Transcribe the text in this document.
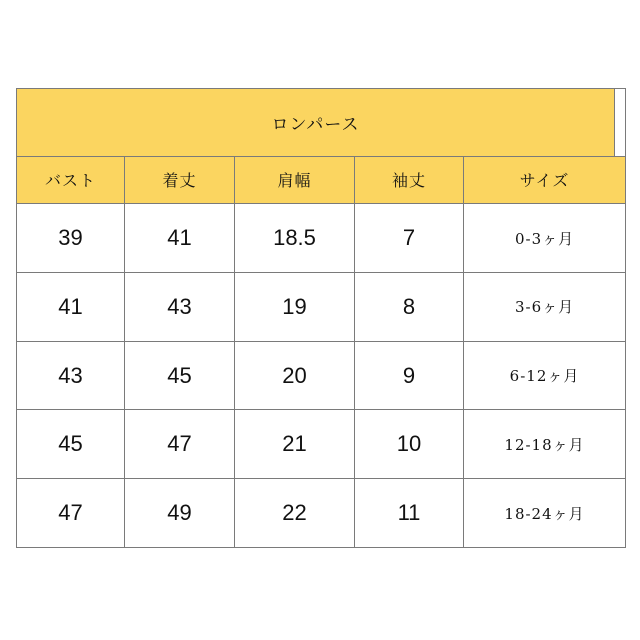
ロンパース					
バスト	着丈	肩幅	袖丈	サイズ	
39	41	18.5	7	0-3ヶ月	
41	43	19	8	3-6ヶ月	
43	45	20	9	6-12ヶ月	
45	47	21	10	12-18ヶ月	
47	49	22	11	18-24ヶ月	
